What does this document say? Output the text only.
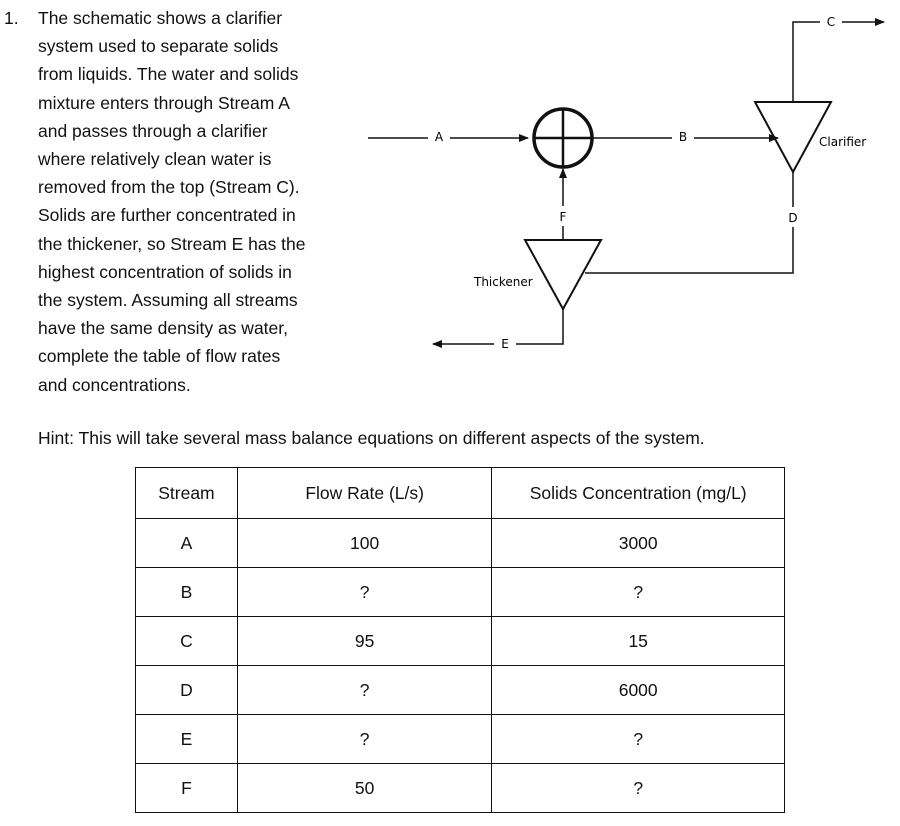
1. The schematic shows a clarifier
system used to separate solids
from liquids. The water and solids
mixture enters through Stream A
and passes through a clarifier
where relatively clean water is
removed from the top (Stream C).
Solids are further concentrated in
the thickener, so Stream E has the
highest concentration of solids in
the system. Assuming all streams
have the same density as water,
complete the table of flow rates
and concentrations.
A	B	Clarifier
C
D
Thickener
F
E
Hint: This will take several mass balance equations on different aspects of the system.
Stream	Flow Rate (L/s)	Solids Concentration (mg/L)
A	100	3000
B	?	?
C	95	15
D	?	6000
E	?	?
F	50	?
